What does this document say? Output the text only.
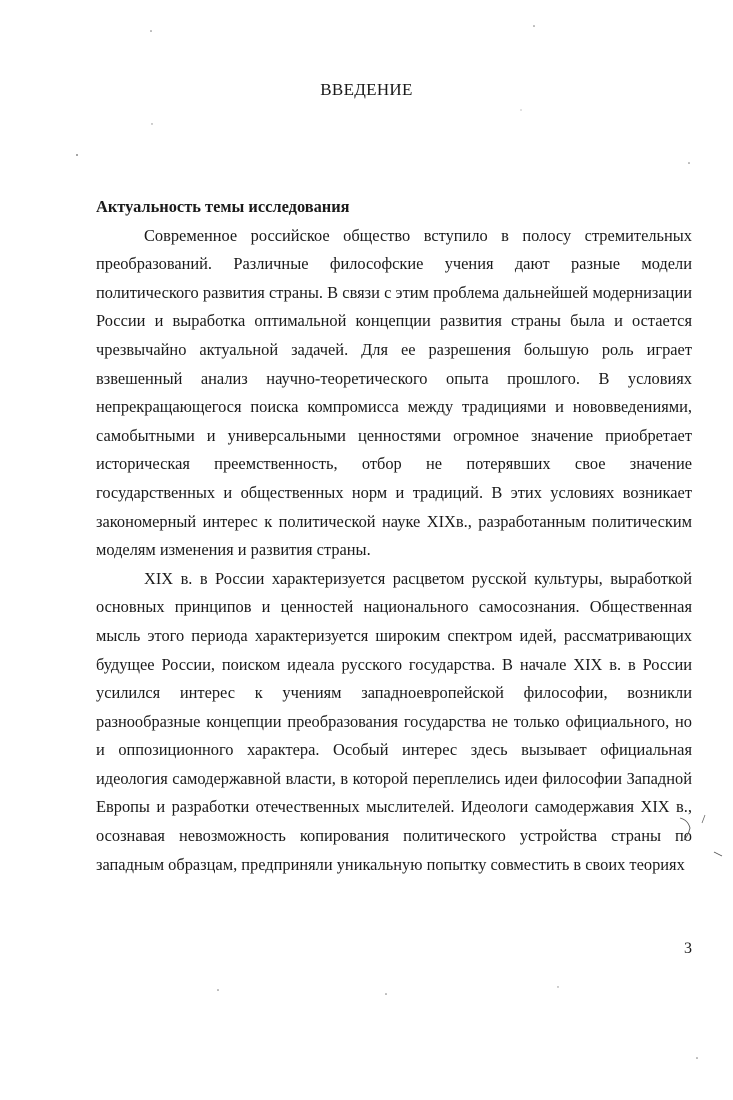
ВВЕДЕНИЕ

Актуальность темы исследования

Современное российское общество вступило в полосу стремительных преобразований. Различные философские учения дают разные модели политического развития страны. В связи с этим проблема дальнейшей модернизации России и выработка оптимальной концепции развития страны была и остается чрезвычайно актуальной задачей. Для ее разрешения большую роль играет взвешенный анализ научно-теоретического опыта прошлого. В условиях непрекращающегося поиска компромисса между традициями и нововведениями, самобытными и универсальными ценностями огромное значение приобретает историческая преемственность, отбор не потерявших свое значение государственных и общественных норм и традиций. В этих условиях возникает закономерный интерес к политической науке XIXв., разработанным политическим моделям изменения и развития страны.

XIX в. в России характеризуется расцветом русской культуры, выработкой основных принципов и ценностей национального самосознания. Общественная мысль этого периода характеризуется широким спектром идей, рассматривающих будущее России, поиском идеала русского государства. В начале XIX в. в России усилился интерес к учениям западноевропейской философии, возникли разнообразные концепции преобразования государства не только официального, но и оппозиционного характера. Особый интерес здесь вызывает официальная идеология самодержавной власти, в которой переплелись идеи философии Западной Европы и разработки отечественных мыслителей. Идеологи самодержавия XIX в., осознавая невозможность копирования политического устройства страны по западным образцам, предприняли уникальную попытку совместить в своих теориях

3
